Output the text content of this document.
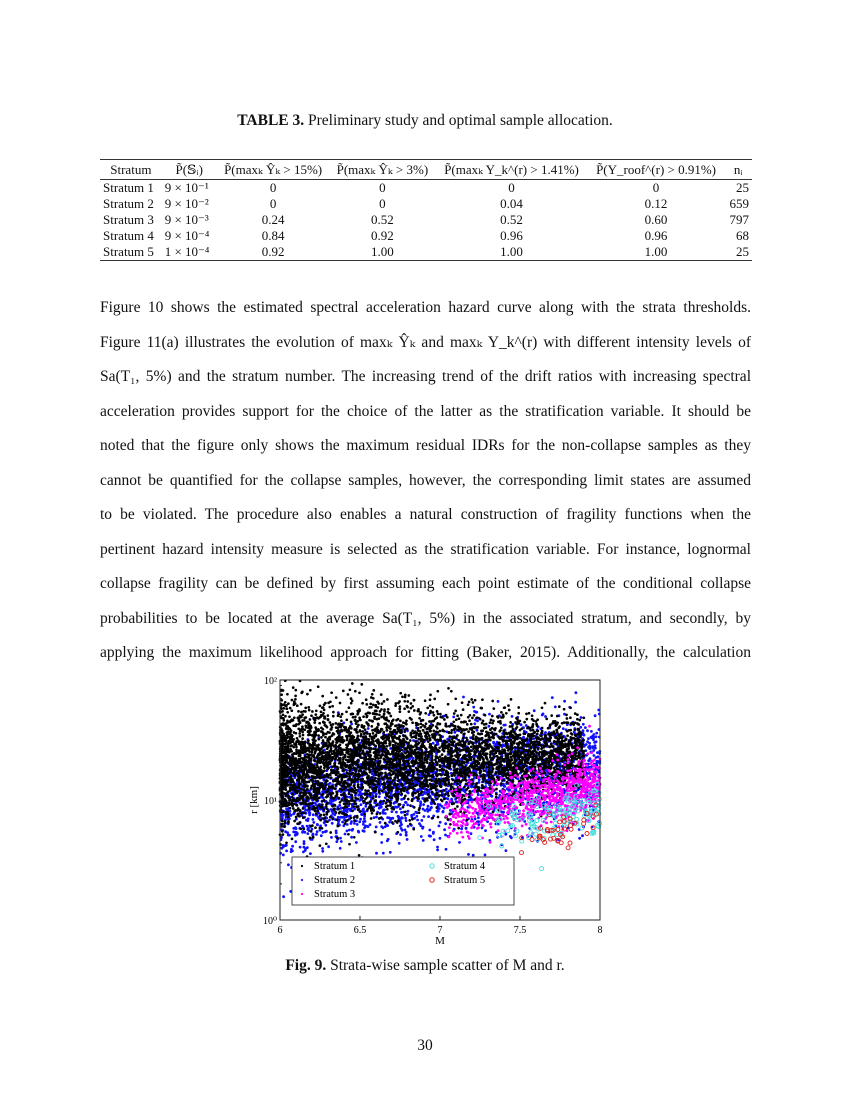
TABLE 3. Preliminary study and optimal sample allocation.
Stratum	P̃(𝕊ᵢ)	P̃(maxₖ Ŷₖ > 15%)	P̃(maxₖ Ŷₖ > 3%)	P̃(maxₖ Y_k^(r) > 1.41%)	P̃(Y_roof^(r) > 0.91%)	nᵢ
Stratum 1	9 × 10⁻¹	0	0	0	0	25
Stratum 2	9 × 10⁻²	0	0	0.04	0.12	659
Stratum 3	9 × 10⁻³	0.24	0.52	0.52	0.60	797
Stratum 4	9 × 10⁻⁴	0.84	0.92	0.96	0.96	68
Stratum 5	1 × 10⁻⁴	0.92	1.00	1.00	1.00	25
Figure 10 shows the estimated spectral acceleration hazard curve along with the strata thresholds.
Figure 11(a) illustrates the evolution of maxₖ Ŷₖ and maxₖ Y_k^(r) with different intensity levels of
Sa(T₁, 5%) and the stratum number. The increasing trend of the drift ratios with increasing spectral
acceleration provides support for the choice of the latter as the stratification variable. It should be
noted that the figure only shows the maximum residual IDRs for the non-collapse samples as they
cannot be quantified for the collapse samples, however, the corresponding limit states are assumed
to be violated. The procedure also enables a natural construction of fragility functions when the
pertinent hazard intensity measure is selected as the stratification variable. For instance, lognormal
collapse fragility can be defined by first assuming each point estimate of the conditional collapse
probabilities to be located at the average Sa(T₁, 5%) in the associated stratum, and secondly, by
applying the maximum likelihood approach for fitting (Baker, 2015). Additionally, the calculation
6	6.5	7	7.5	8
10⁰
10¹
10²
M
r [km]
Stratum 1
Stratum 2
Stratum 3
Stratum 4
Stratum 5
Fig. 9. Strata-wise sample scatter of M and r.
30
